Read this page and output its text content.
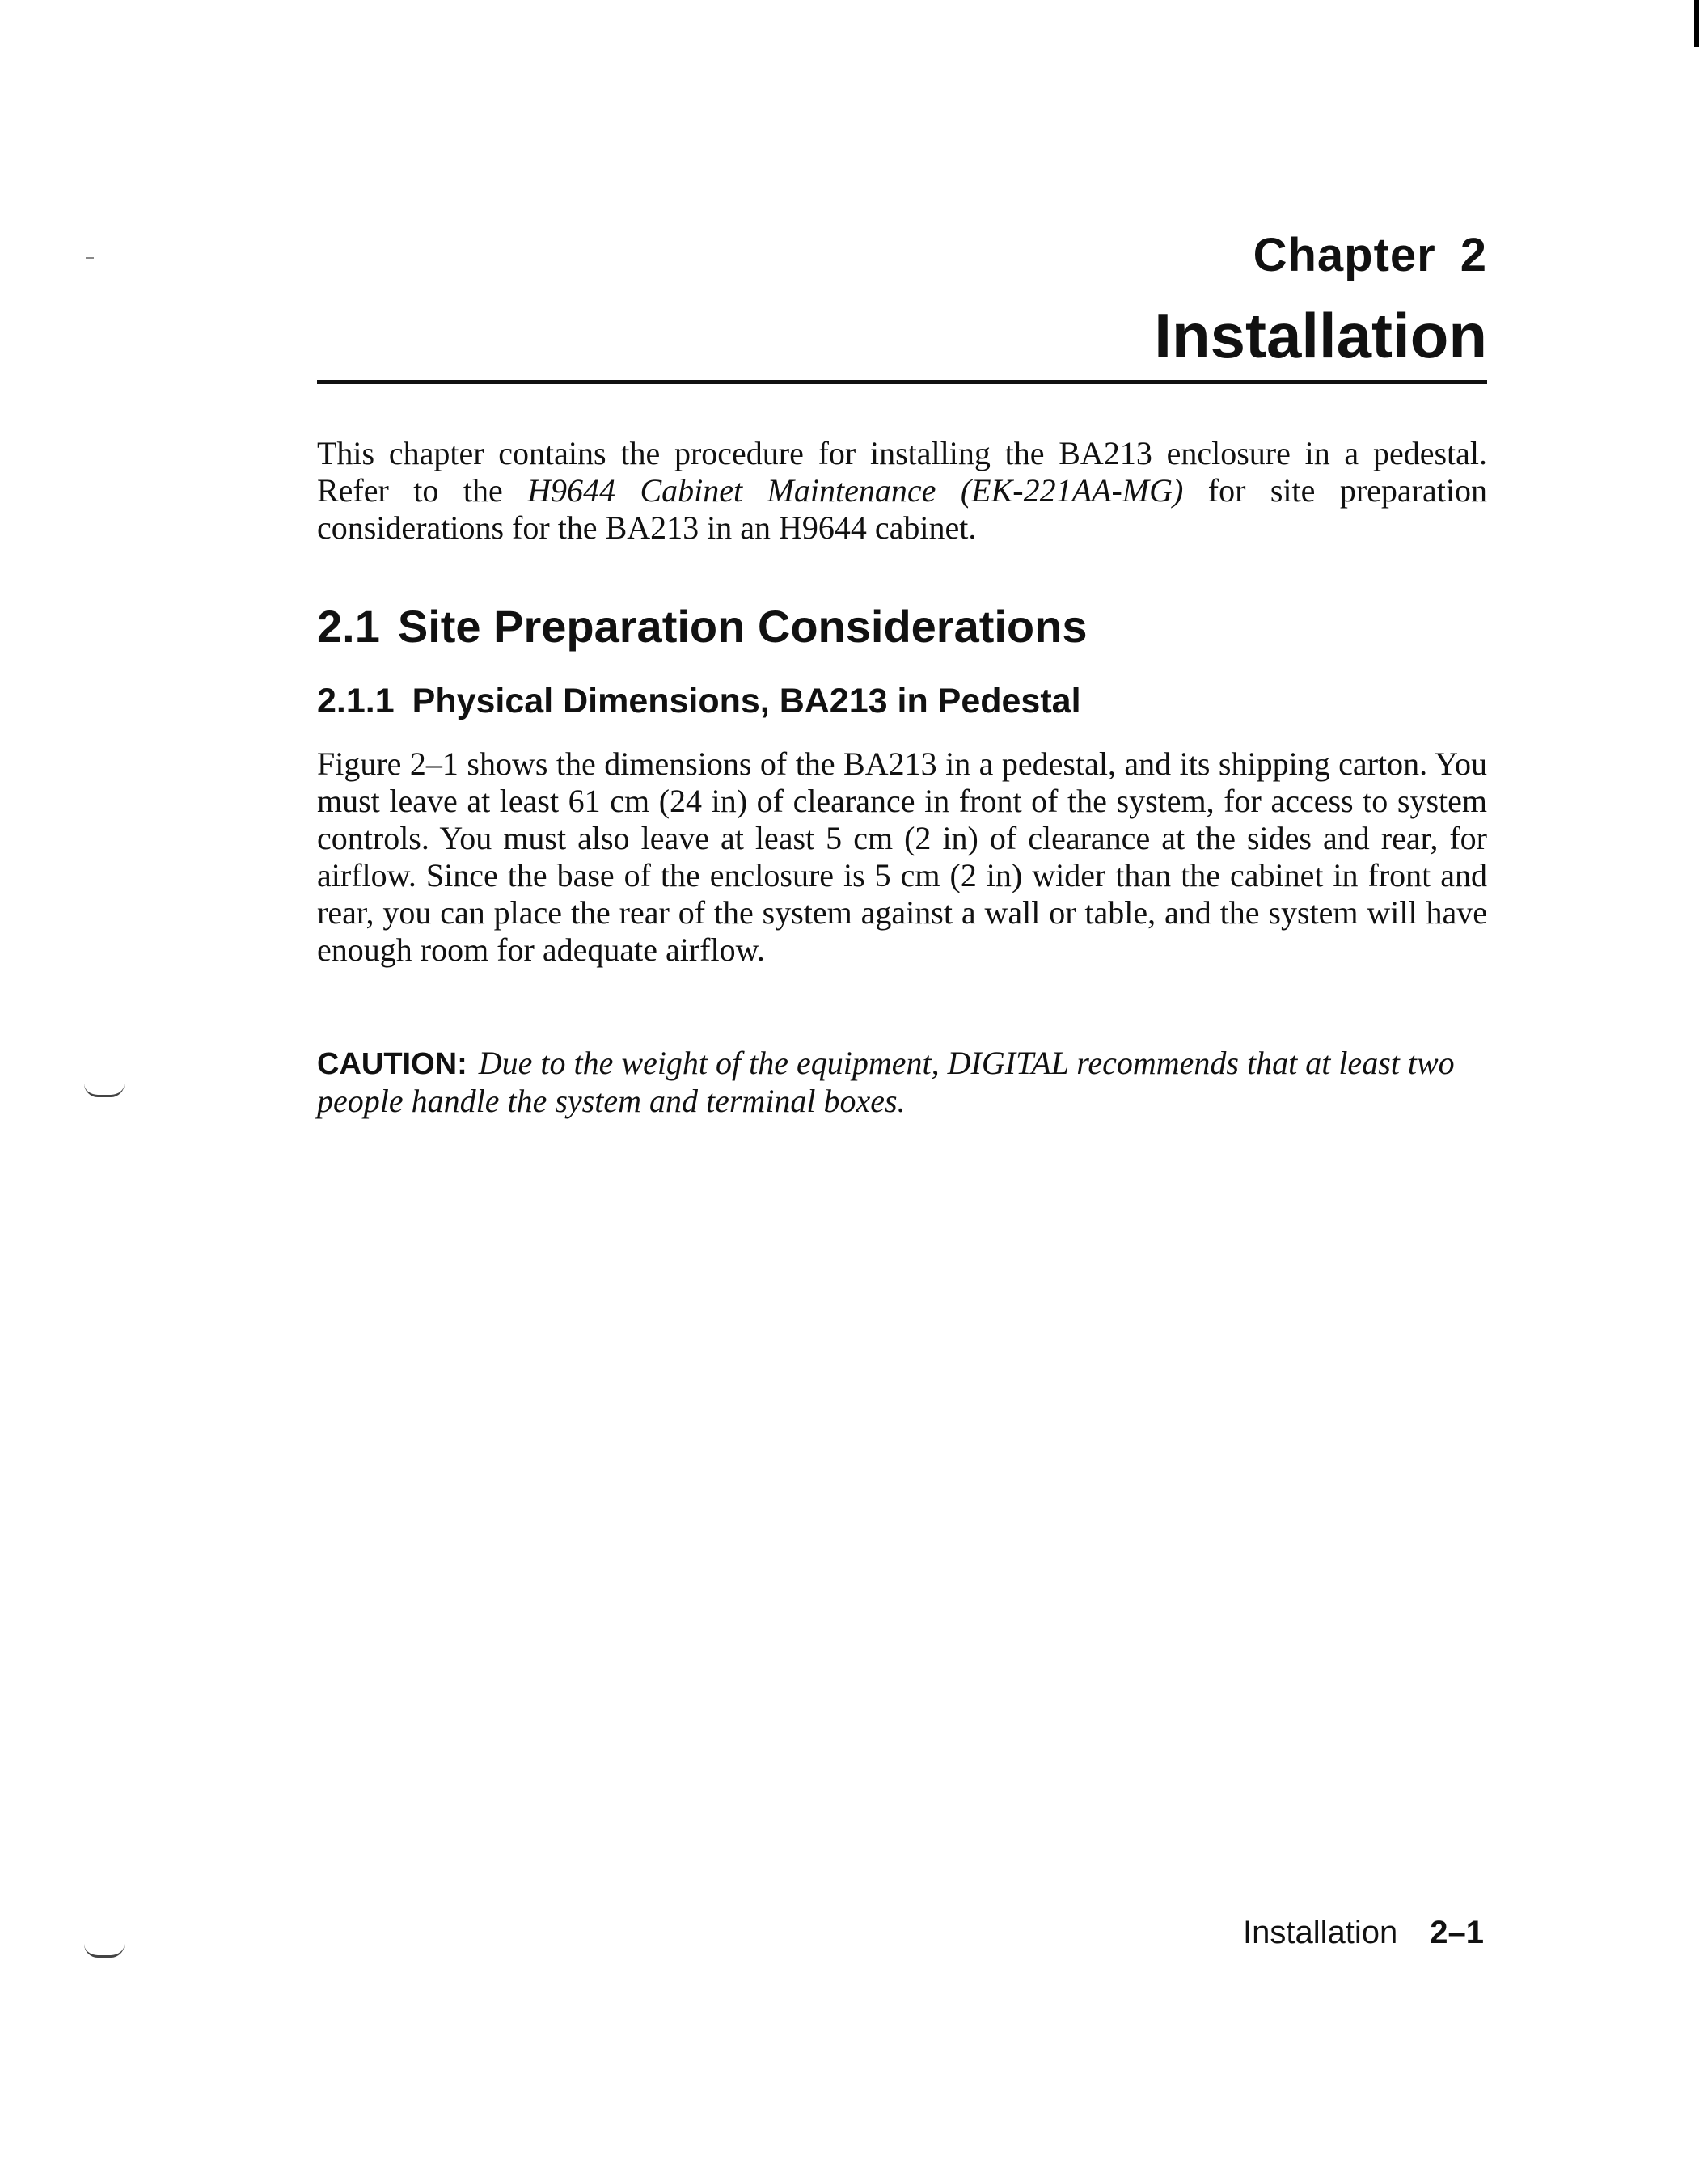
Chapter 2
Installation
This chapter contains the procedure for installing the BA213 enclosure in a pedestal. Refer to the H9644 Cabinet Maintenance (EK-221AA-MG) for site preparation considerations for the BA213 in an H9644 cabinet.
2.1 Site Preparation Considerations
2.1.1 Physical Dimensions, BA213 in Pedestal
Figure 2–1 shows the dimensions of the BA213 in a pedestal, and its shipping carton. You must leave at least 61 cm (24 in) of clearance in front of the system, for access to system controls. You must also leave at least 5 cm (2 in) of clearance at the sides and rear, for airflow. Since the base of the enclosure is 5 cm (2 in) wider than the cabinet in front and rear, you can place the rear of the system against a wall or table, and the system will have enough room for adequate airflow.
CAUTION: Due to the weight of the equipment, DIGITAL recommends that at least two people handle the system and terminal boxes.
Installation 2–1
